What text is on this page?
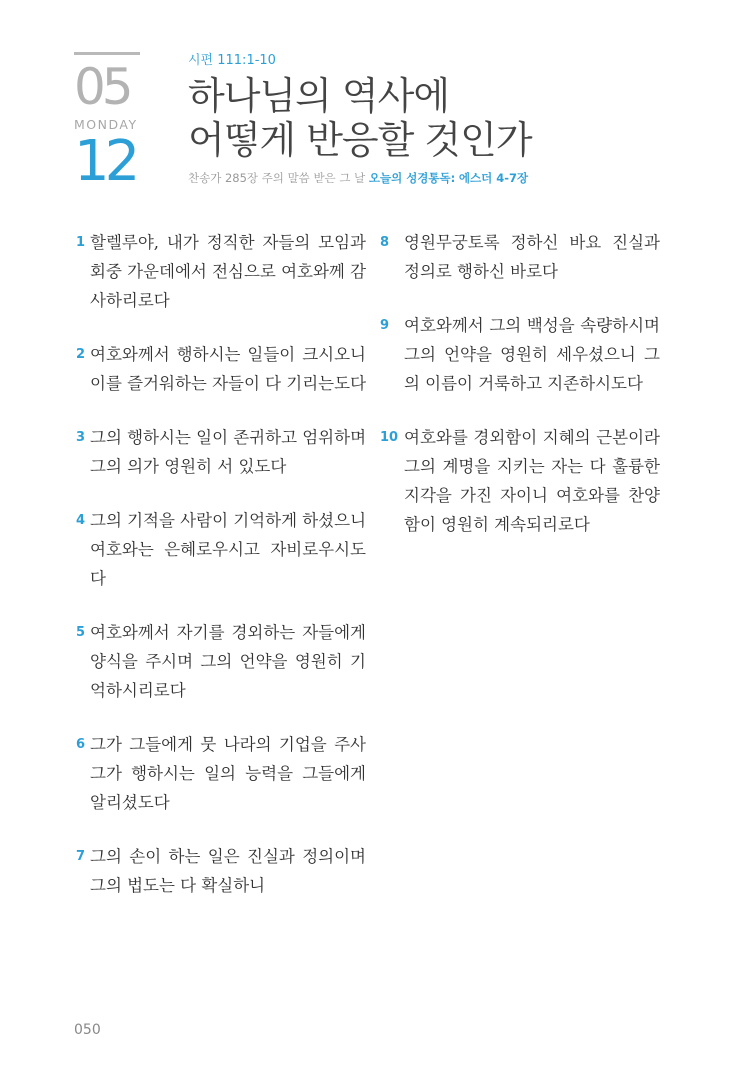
05
MONDAY
12
시편 111:1-10
하나님의 역사에
어떻게 반응할 것인가
찬송가 285장 주의 말씀 받은 그 날 오늘의 성경통독: 에스더 4-7장
1 할렐루야, 내가 정직한 자들의 모임과 회중 가운데에서 전심으로 여호와께 감사하리로다
2 여호와께서 행하시는 일들이 크시오니 이를 즐거워하는 자들이 다 기리는도다
3 그의 행하시는 일이 존귀하고 엄위하며 그의 의가 영원히 서 있도다
4 그의 기적을 사람이 기억하게 하셨으니 여호와는 은혜로우시고 자비로우시도다
5 여호와께서 자기를 경외하는 자들에게 양식을 주시며 그의 언약을 영원히 기억하시리로다
6 그가 그들에게 뭇 나라의 기업을 주사 그가 행하시는 일의 능력을 그들에게 알리셨도다
7 그의 손이 하는 일은 진실과 정의이며 그의 법도는 다 확실하니
8 영원무궁토록 정하신 바요 진실과 정의로 행하신 바로다
9 여호와께서 그의 백성을 속량하시며 그의 언약을 영원히 세우셨으니 그의 이름이 거룩하고 지존하시도다
10 여호와를 경외함이 지혜의 근본이라 그의 계명을 지키는 자는 다 훌륭한 지각을 가진 자이니 여호와를 찬양함이 영원히 계속되리로다
050
